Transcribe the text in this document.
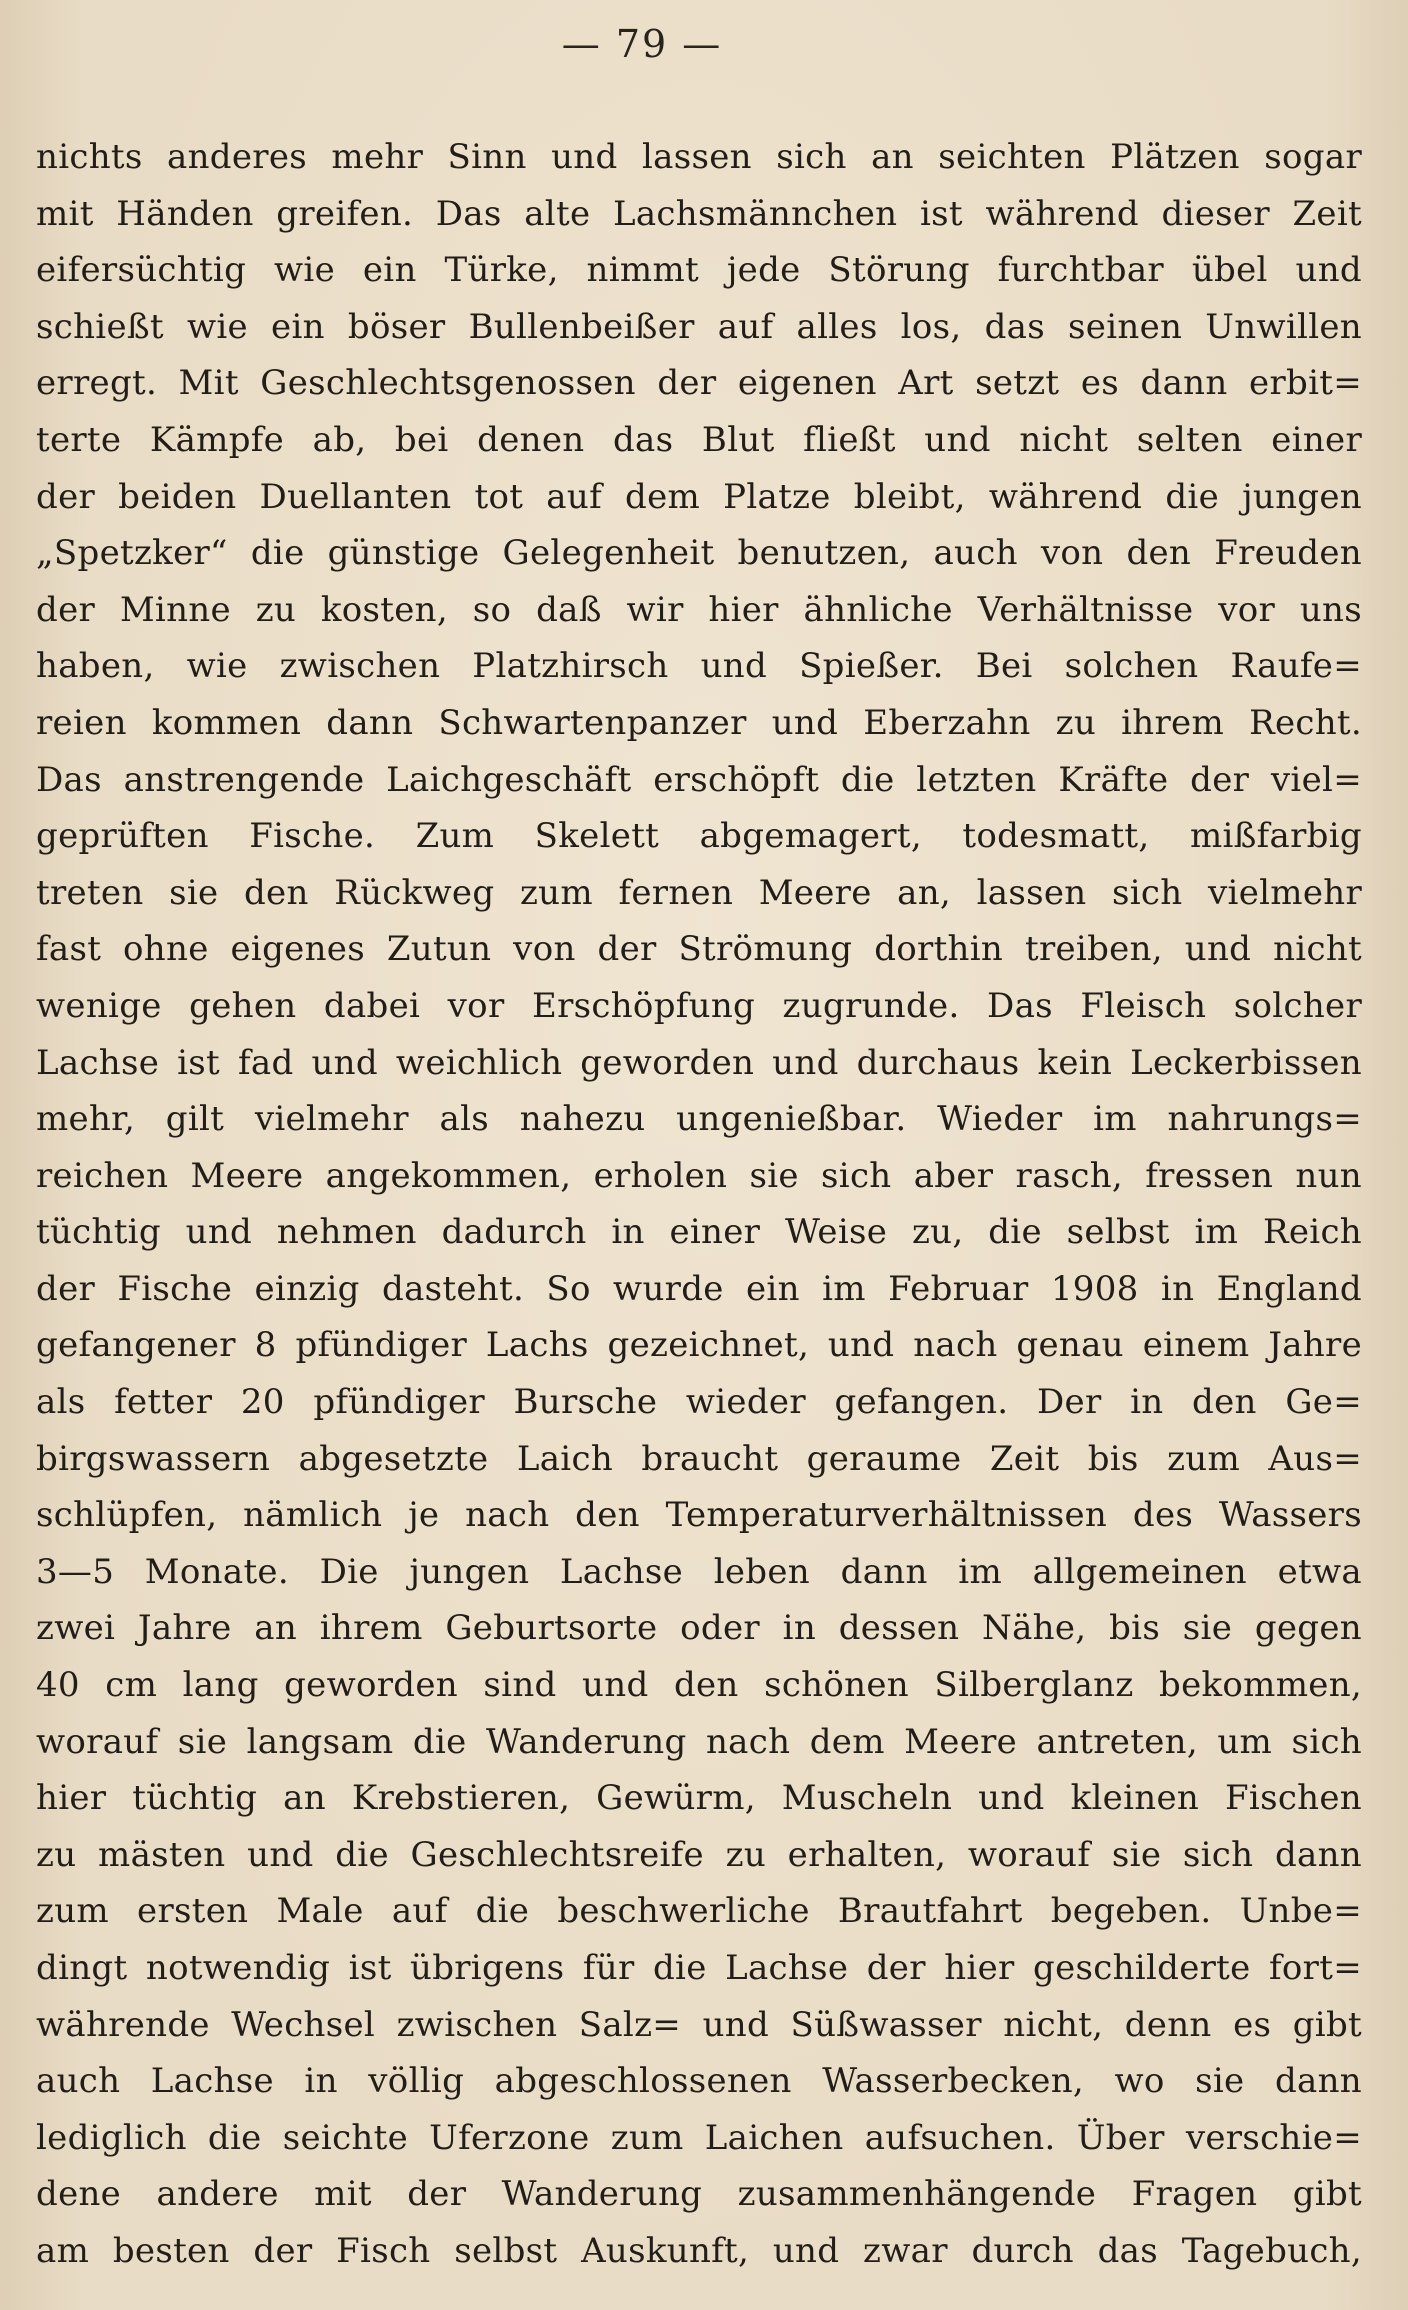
— 79 —
nichts anderes mehr Sinn und lassen sich an seichten Plätzen sogar
mit Händen greifen. Das alte Lachsmännchen ist während dieser Zeit
eifersüchtig wie ein Türke, nimmt jede Störung furchtbar übel und
schießt wie ein böser Bullenbeißer auf alles los, das seinen Unwillen
erregt. Mit Geschlechtsgenossen der eigenen Art setzt es dann erbit=
terte Kämpfe ab, bei denen das Blut fließt und nicht selten einer
der beiden Duellanten tot auf dem Platze bleibt, während die jungen
„Spetzker“ die günstige Gelegenheit benutzen, auch von den Freuden
der Minne zu kosten, so daß wir hier ähnliche Verhältnisse vor uns
haben, wie zwischen Platzhirsch und Spießer. Bei solchen Raufe=
reien kommen dann Schwartenpanzer und Eberzahn zu ihrem Recht.
Das anstrengende Laichgeschäft erschöpft die letzten Kräfte der viel=
geprüften Fische. Zum Skelett abgemagert, todesmatt, mißfarbig
treten sie den Rückweg zum fernen Meere an, lassen sich vielmehr
fast ohne eigenes Zutun von der Strömung dorthin treiben, und nicht
wenige gehen dabei vor Erschöpfung zugrunde. Das Fleisch solcher
Lachse ist fad und weichlich geworden und durchaus kein Leckerbissen
mehr, gilt vielmehr als nahezu ungenießbar. Wieder im nahrungs=
reichen Meere angekommen, erholen sie sich aber rasch, fressen nun
tüchtig und nehmen dadurch in einer Weise zu, die selbst im Reich
der Fische einzig dasteht. So wurde ein im Februar 1908 in England
gefangener 8 pfündiger Lachs gezeichnet, und nach genau einem Jahre
als fetter 20 pfündiger Bursche wieder gefangen. Der in den Ge=
birgswassern abgesetzte Laich braucht geraume Zeit bis zum Aus=
schlüpfen, nämlich je nach den Temperaturverhältnissen des Wassers
3—5 Monate. Die jungen Lachse leben dann im allgemeinen etwa
zwei Jahre an ihrem Geburtsorte oder in dessen Nähe, bis sie gegen
40 cm lang geworden sind und den schönen Silberglanz bekommen,
worauf sie langsam die Wanderung nach dem Meere antreten, um sich
hier tüchtig an Krebstieren, Gewürm, Muscheln und kleinen Fischen
zu mästen und die Geschlechtsreife zu erhalten, worauf sie sich dann
zum ersten Male auf die beschwerliche Brautfahrt begeben. Unbe=
dingt notwendig ist übrigens für die Lachse der hier geschilderte fort=
währende Wechsel zwischen Salz= und Süßwasser nicht, denn es gibt
auch Lachse in völlig abgeschlossenen Wasserbecken, wo sie dann
lediglich die seichte Uferzone zum Laichen aufsuchen. Über verschie=
dene andere mit der Wanderung zusammenhängende Fragen gibt
am besten der Fisch selbst Auskunft, und zwar durch das Tagebuch,
